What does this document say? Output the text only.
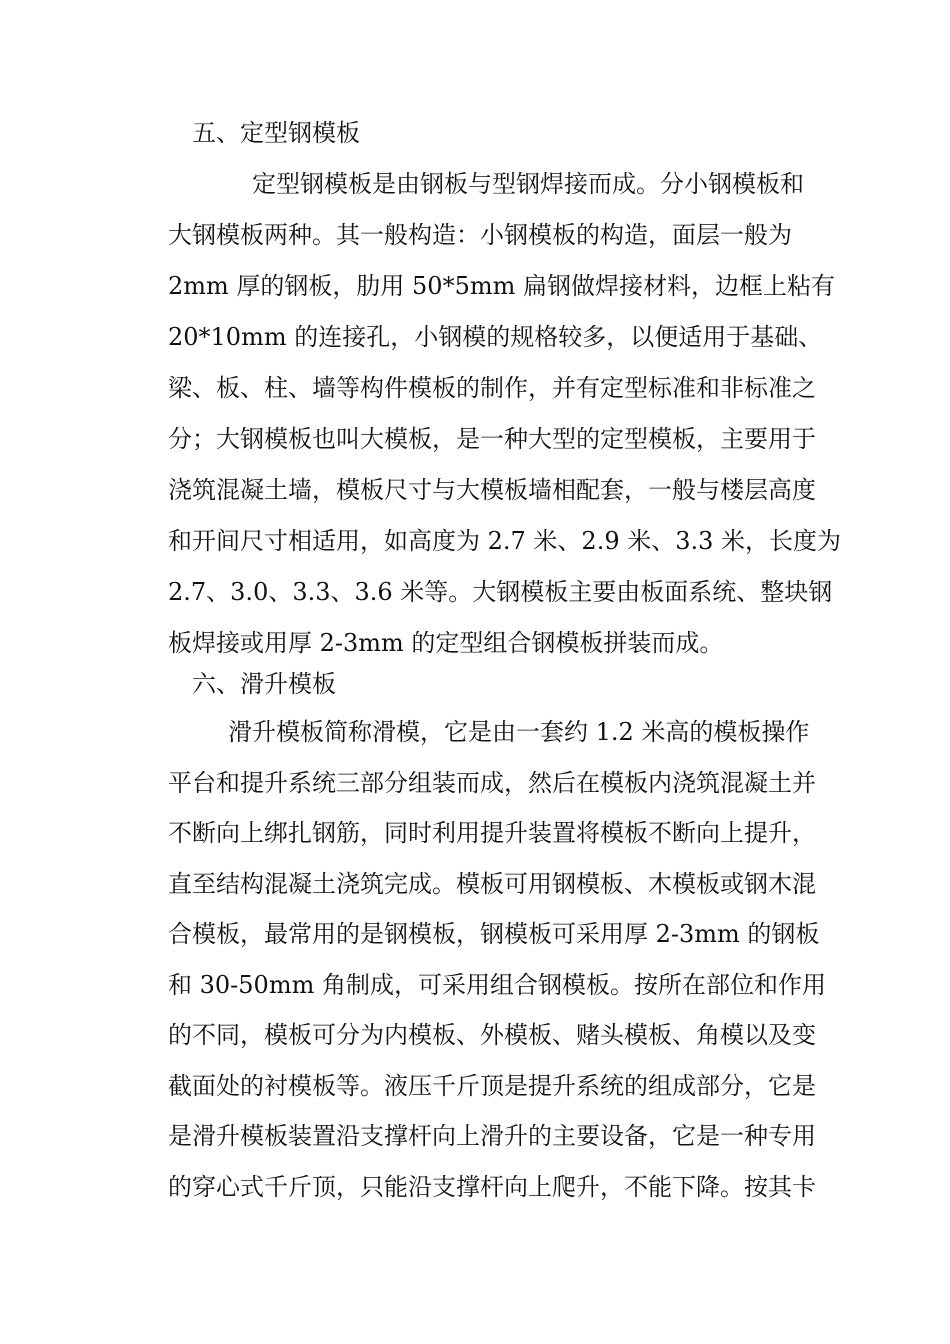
五、定型钢模板

定型钢模板是由钢板与型钢焊接而成。分小钢模板和

大钢模板两种。其一般构造：小钢模板的构造，面层一般为

2mm 厚的钢板，肋用 50*5mm 扁钢做焊接材料，边框上粘有

20*10mm 的连接孔，小钢模的规格较多，以便适用于基础、

梁、板、柱、墙等构件模板的制作，并有定型标准和非标准之

分；大钢模板也叫大模板，是一种大型的定型模板，主要用于

浇筑混凝土墙，模板尺寸与大模板墙相配套，一般与楼层高度

和开间尺寸相适用，如高度为 2.7 米、2.9 米、3.3 米，长度为

2.7、3.0、3.3、3.6 米等。大钢模板主要由板面系统、整块钢

板焊接或用厚 2-3mm 的定型组合钢模板拼装而成。

六、滑升模板

滑升模板简称滑模，它是由一套约 1.2 米高的模板操作

平台和提升系统三部分组装而成，然后在模板内浇筑混凝土并

不断向上绑扎钢筋，同时利用提升装置将模板不断向上提升，

直至结构混凝土浇筑完成。模板可用钢模板、木模板或钢木混

合模板，最常用的是钢模板，钢模板可采用厚 2-3mm 的钢板

和 30-50mm 角制成，可采用组合钢模板。按所在部位和作用

的不同，模板可分为内模板、外模板、赌头模板、角模以及变

截面处的衬模板等。液压千斤顶是提升系统的组成部分，它是

是滑升模板装置沿支撑杆向上滑升的主要设备，它是一种专用

的穿心式千斤顶，只能沿支撑杆向上爬升，不能下降。按其卡
